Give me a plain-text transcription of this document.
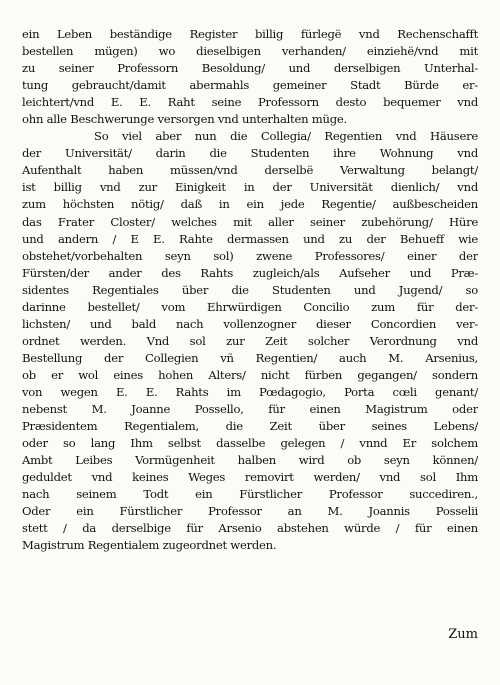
ein Leben beständige Register billig fürlegë vnd Rechenschafft
bestellen mügen) wo dieselbigen verhanden/ einziehë/vnd mit
zu seiner Professorn Besoldung/ und derselbigen Unterhal-
tung gebraucht/damit abermahls gemeiner Stadt Bürde er-
leichtert/vnd E. E. Raht seine Professorn desto bequemer vnd
ohn alle Beschwerunge versorgen vnd unterhalten müge.
So viel aber nun die Collegia/ Regentien vnd Häusere
der Universität/ darin die Studenten ihre Wohnung vnd
Aufenthalt haben müssen/vnd derselbë Verwaltung belangt/
ist billig vnd zur Einigkeit in der Universität dienlich/ vnd
zum höchsten nötig/ daß in ein jede Regentie/ außbescheiden
das Frater Closter/ welches mit aller seiner zubehörung/ Hüre
und andern / E E. Rahte dermassen und zu der Behueff wie
obstehet/vorbehalten seyn sol) zwene Professores/ einer der
Fürsten/der ander des Rahts zugleich/als Aufseher und Præ-
sidentes Regentiales über die Studenten und Jugend/ so
darinne bestellet/ vom Ehrwürdigen Concilio zum für der-
lichsten/ und bald nach vollenzogner dieser Concordien ver-
ordnet werden. Vnd sol zur Zeit solcher Verordnung vnd
Bestellung der Collegien vñ Regentien/ auch M. Arsenius,
ob er wol eines hohen Alters/ nicht fürben gegangen/ sondern
von wegen E. E. Rahts im Pœdagogio, Porta cœli genant/
nebenst M. Joanne Possello, für einen Magistrum oder
Præsidentem Regentialem, die Zeit über seines Lebens/
oder so lang Ihm selbst dasselbe gelegen / vnnd Er solchem
Ambt Leibes Vormügenheit halben wird ob seyn können/
geduldet vnd keines Weges removirt werden/ vnd sol Ihm
nach seinem Todt ein Fürstlicher Professor succediren.,
Oder ein Fürstlicher Professor an M. Joannis Posselii
stett / da derselbige für Arsenio abstehen würde / für einen
Magistrum Regentialem zugeordnet werden.
Zum
